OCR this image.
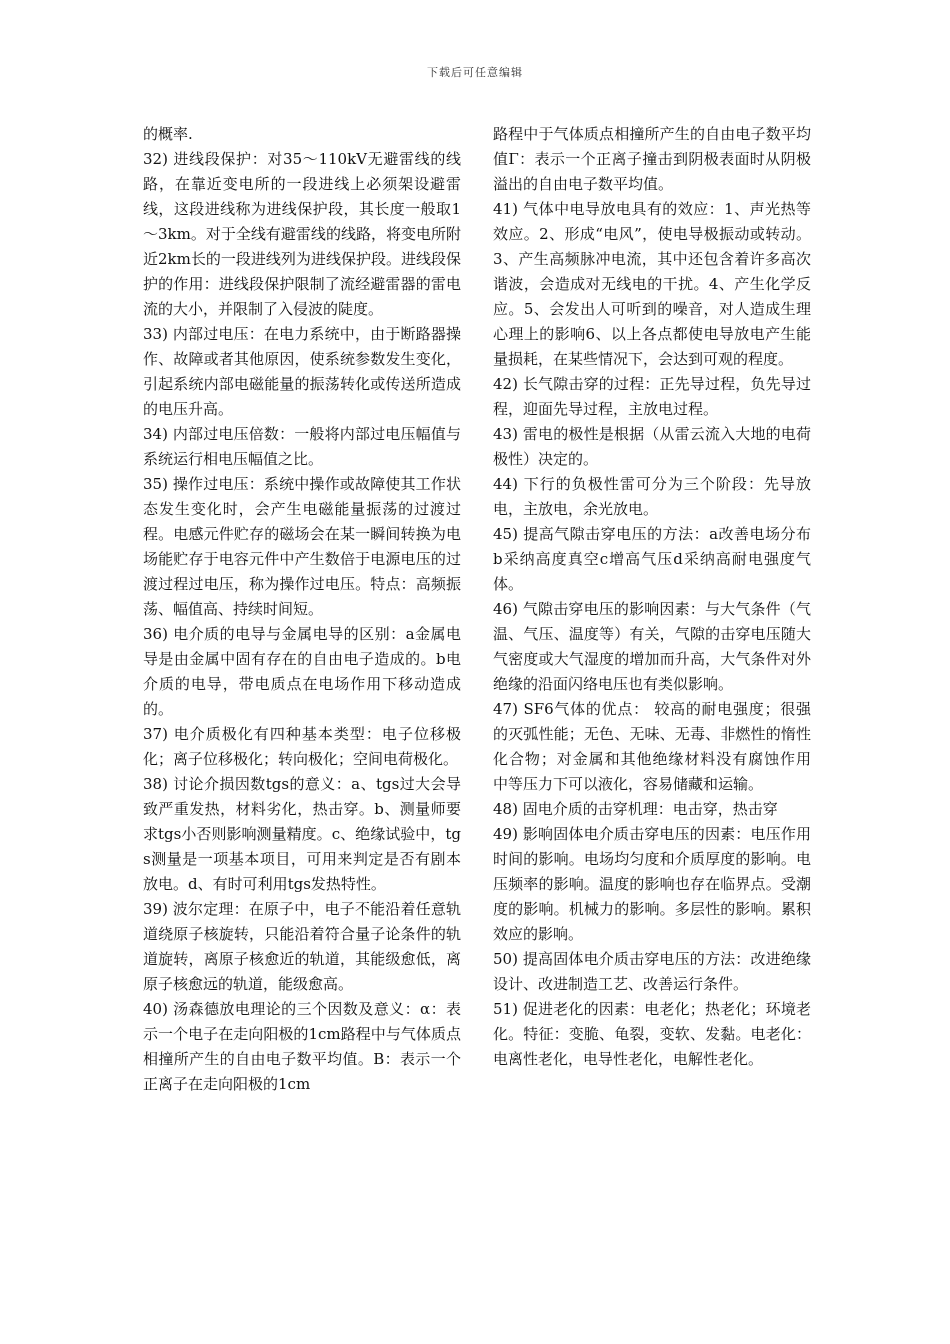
下载后可任意编辑

的概率.

32) 进线段保护：对35～110kV无避雷线的线路，在靠近变电所的一段进线上必须架设避雷线，这段进线称为进线保护段，其长度一般取1～3km。对于全线有避雷线的线路，将变电所附近2km长的一段进线列为进线保护段。进线段保护的作用：进线段保护限制了流经避雷器的雷电流的大小，并限制了入侵波的陡度。

33) 内部过电压：在电力系统中，由于断路器操作、故障或者其他原因，使系统参数发生变化，引起系统内部电磁能量的振荡转化或传送所造成的电压升高。

34) 内部过电压倍数：一般将内部过电压幅值与系统运行相电压幅值之比。

35) 操作过电压：系统中操作或故障使其工作状态发生变化时，会产生电磁能量振荡的过渡过程。电感元件贮存的磁场会在某一瞬间转换为电场能贮存于电容元件中产生数倍于电源电压的过渡过程过电压，称为操作过电压。特点：高频振荡、幅值高、持续时间短。

36) 电介质的电导与金属电导的区别：a金属电导是由金属中固有存在的自由电子造成的。b电介质的电导，带电质点在电场作用下移动造成的。

37) 电介质极化有四种基本类型：电子位移极化；离子位移极化；转向极化；空间电荷极化。

38) 讨论介损因数tgs的意义：a、tgs过大会导致严重发热，材料劣化，热击穿。b、测量师要求tgs小否则影响测量精度。c、绝缘试验中，tgs测量是一项基本项目，可用来判定是否有剧本放电。d、有时可利用tgs发热特性。

39) 波尔定理：在原子中，电子不能沿着任意轨道绕原子核旋转，只能沿着符合量子论条件的轨道旋转，离原子核愈近的轨道，其能级愈低，离原子核愈远的轨道，能级愈高。

40) 汤森德放电理论的三个因数及意义：α：表示一个电子在走向阳极的1cm路程中与气体质点相撞所产生的自由电子数平均值。B：表示一个正离子在走向阳极的1cm

路程中于气体质点相撞所产生的自由电子数平均值Γ：表示一个正离子撞击到阴极表面时从阴极溢出的自由电子数平均值。

41) 气体中电导放电具有的效应：1、声光热等效应。2、形成“电风”，使电导极振动或转动。3、产生高频脉冲电流，其中还包含着许多高次谐波，会造成对无线电的干扰。4、产生化学反应。5、会发出人可听到的噪音，对人造成生理心理上的影响6、以上各点都使电导放电产生能量损耗，在某些情况下，会达到可观的程度。

42) 长气隙击穿的过程：正先导过程，负先导过程，迎面先导过程，主放电过程。

43) 雷电的极性是根据（从雷云流入大地的电荷极性）决定的。

44) 下行的负极性雷可分为三个阶段：先导放电，主放电，余光放电。

45) 提高气隙击穿电压的方法：a改善电场分布b采纳高度真空c增高气压d采纳高耐电强度气体。

46) 气隙击穿电压的影响因素：与大气条件（气温、气压、温度等）有关，气隙的击穿电压随大气密度或大气湿度的增加而升高，大气条件对外绝缘的沿面闪络电压也有类似影响。

47) SF6气体的优点： 较高的耐电强度；很强的灭弧性能；无色、无味、无毒、非燃性的惰性化合物；对金属和其他绝缘材料没有腐蚀作用 中等压力下可以液化，容易储藏和运输。

48) 固电介质的击穿机理：电击穿，热击穿

49) 影响固体电介质击穿电压的因素：电压作用时间的影响。电场均匀度和介质厚度的影响。电压频率的影响。温度的影响也存在临界点。受潮度的影响。机械力的影响。多层性的影响。累积效应的影响。

50) 提高固体电介质击穿电压的方法：改进绝缘设计、改进制造工艺、改善运行条件。

51) 促进老化的因素：电老化；热老化；环境老化。特征：变脆、龟裂，变软、发黏。电老化：电离性老化，电导性老化，电解性老化。
